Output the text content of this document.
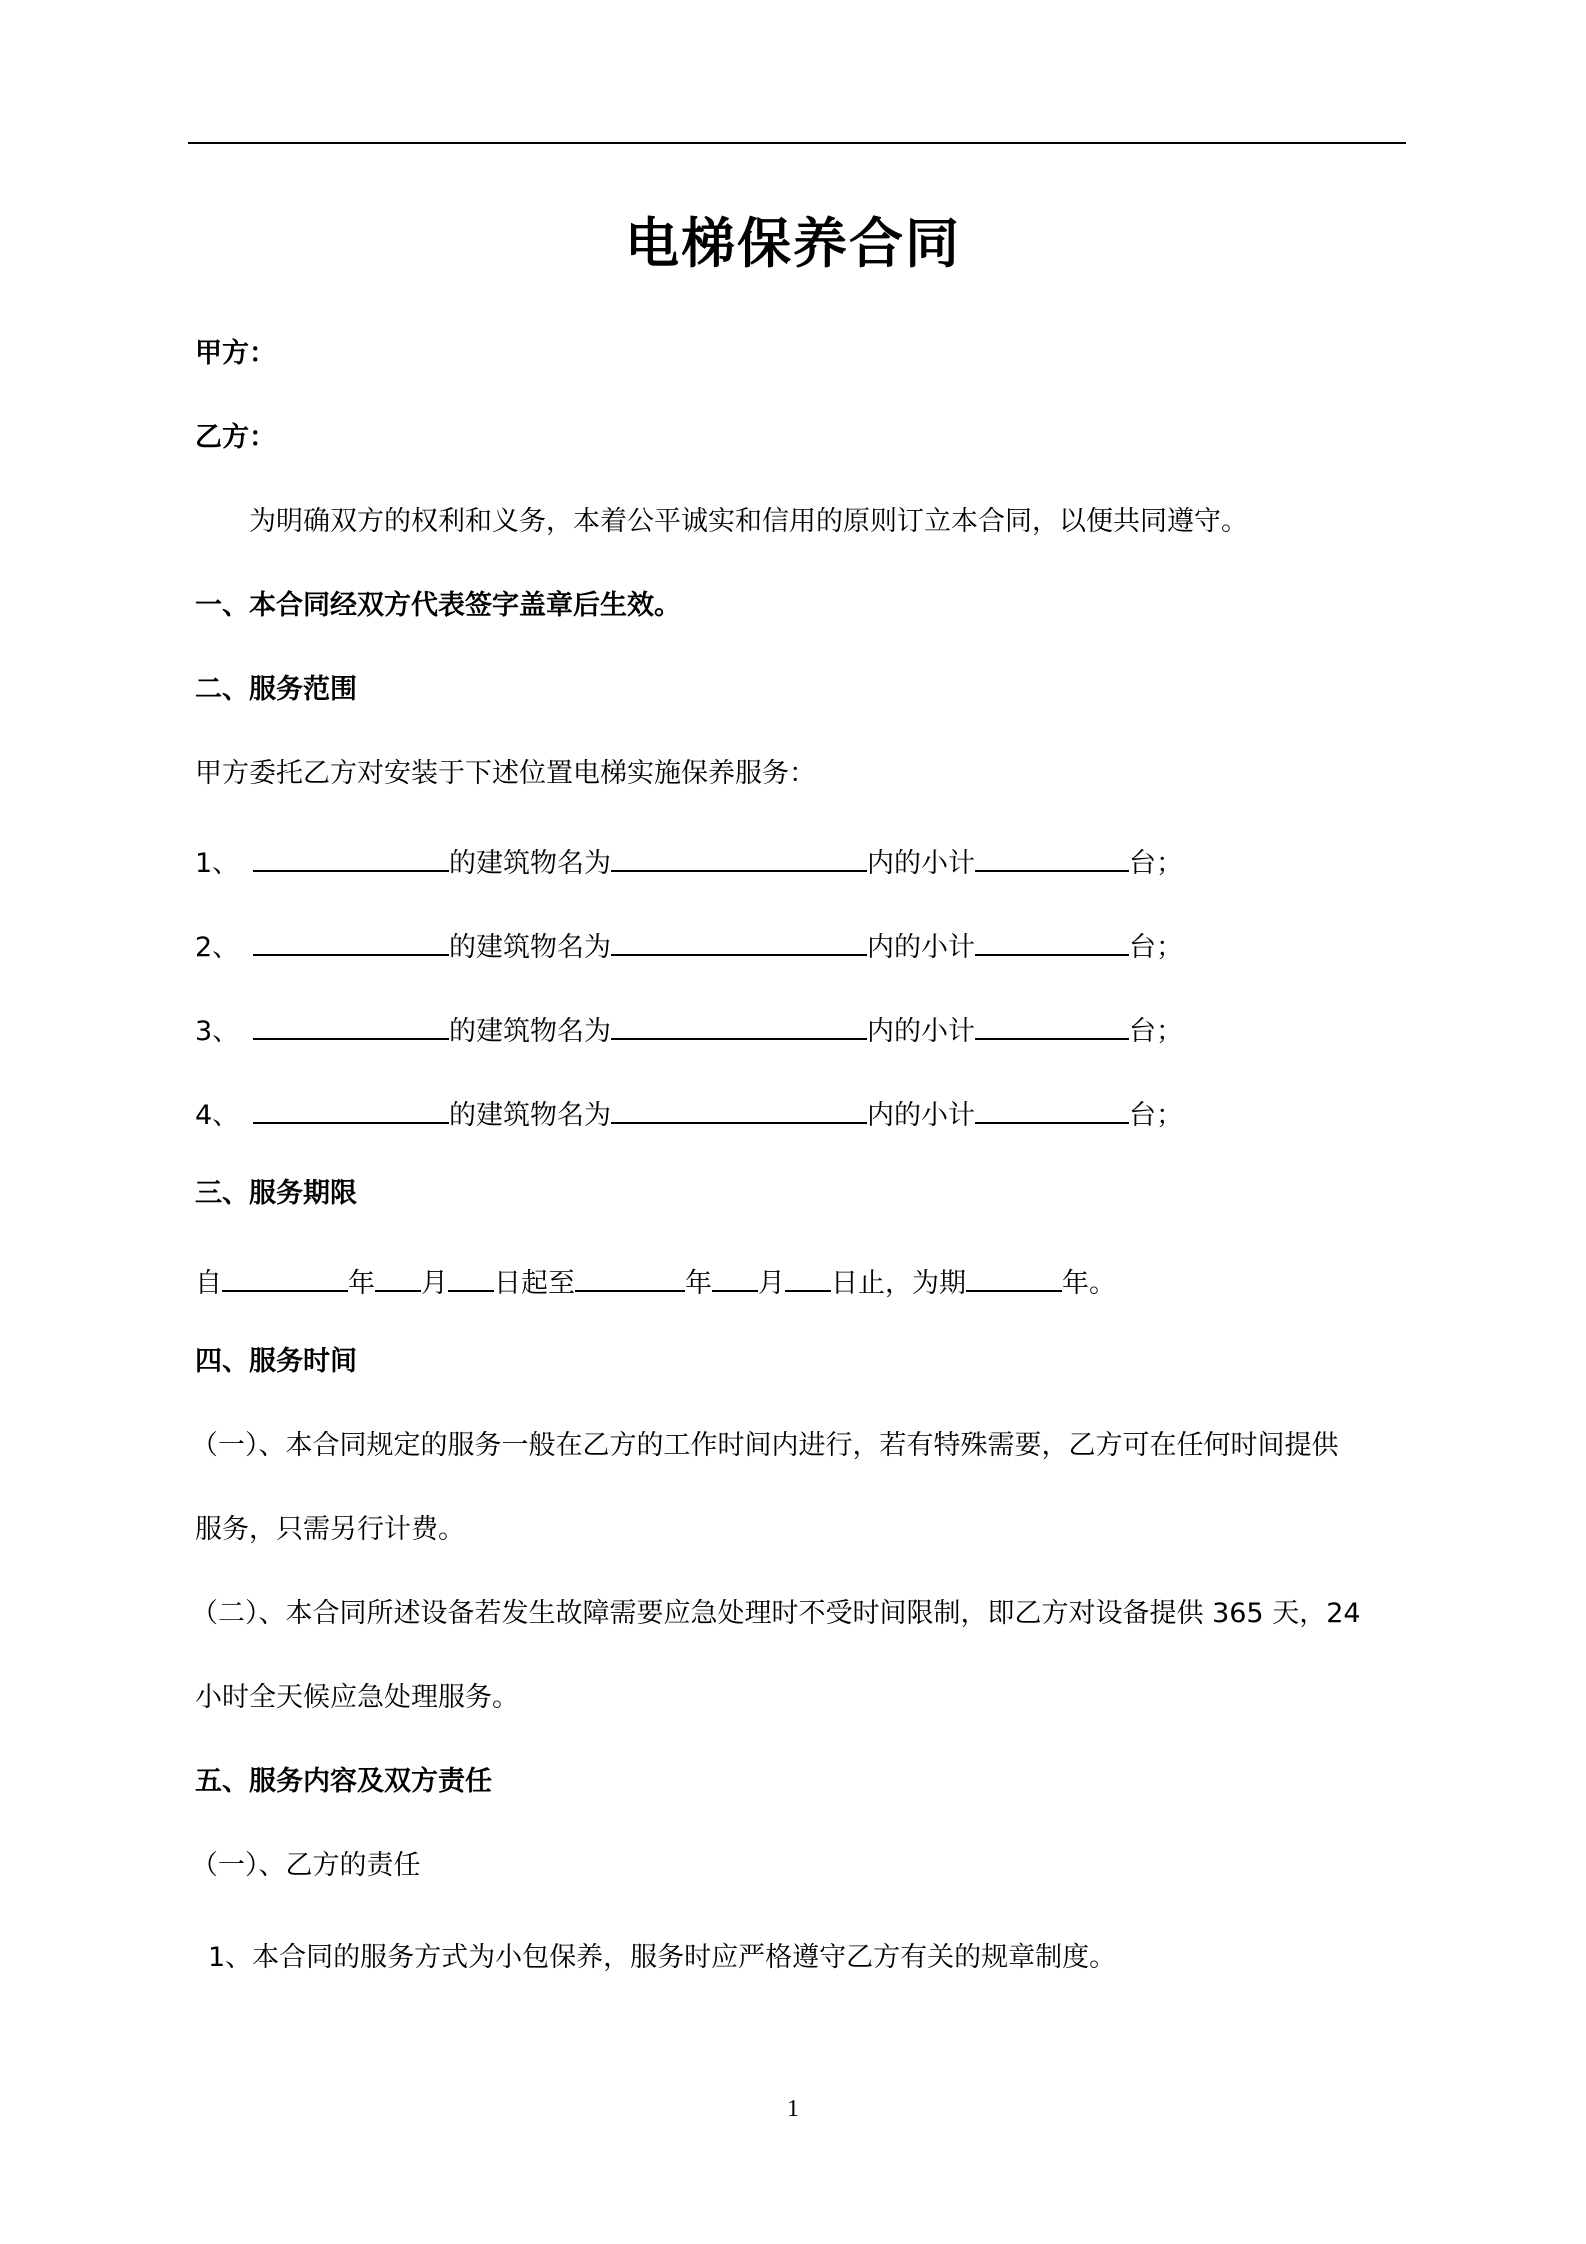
电梯保养合同
甲方：
乙方：
为明确双方的权利和义务，本着公平诚实和信用的原则订立本合同，以便共同遵守。
一、本合同经双方代表签字盖章后生效。
二、服务范围
甲方委托乙方对安装于下述位置电梯实施保养服务：
1、	的建筑物名为	内的小计	台；
2、	的建筑物名为	内的小计	台；
3、	的建筑物名为	内的小计	台；
4、	的建筑物名为	内的小计	台；
三、服务期限
自	年 月 日起至	年 月 日止，为期	年。
四、服务时间
（一）、本合同规定的服务一般在乙方的工作时间内进行，若有特殊需要，乙方可在任何时间提供
服务，只需另行计费。
（二）、本合同所述设备若发生故障需要应急处理时不受时间限制，即乙方对设备提供 365 天，24
小时全天候应急处理服务。
五、服务内容及双方责任
（一）、乙方的责任
1、本合同的服务方式为小包保养，服务时应严格遵守乙方有关的规章制度。
1
